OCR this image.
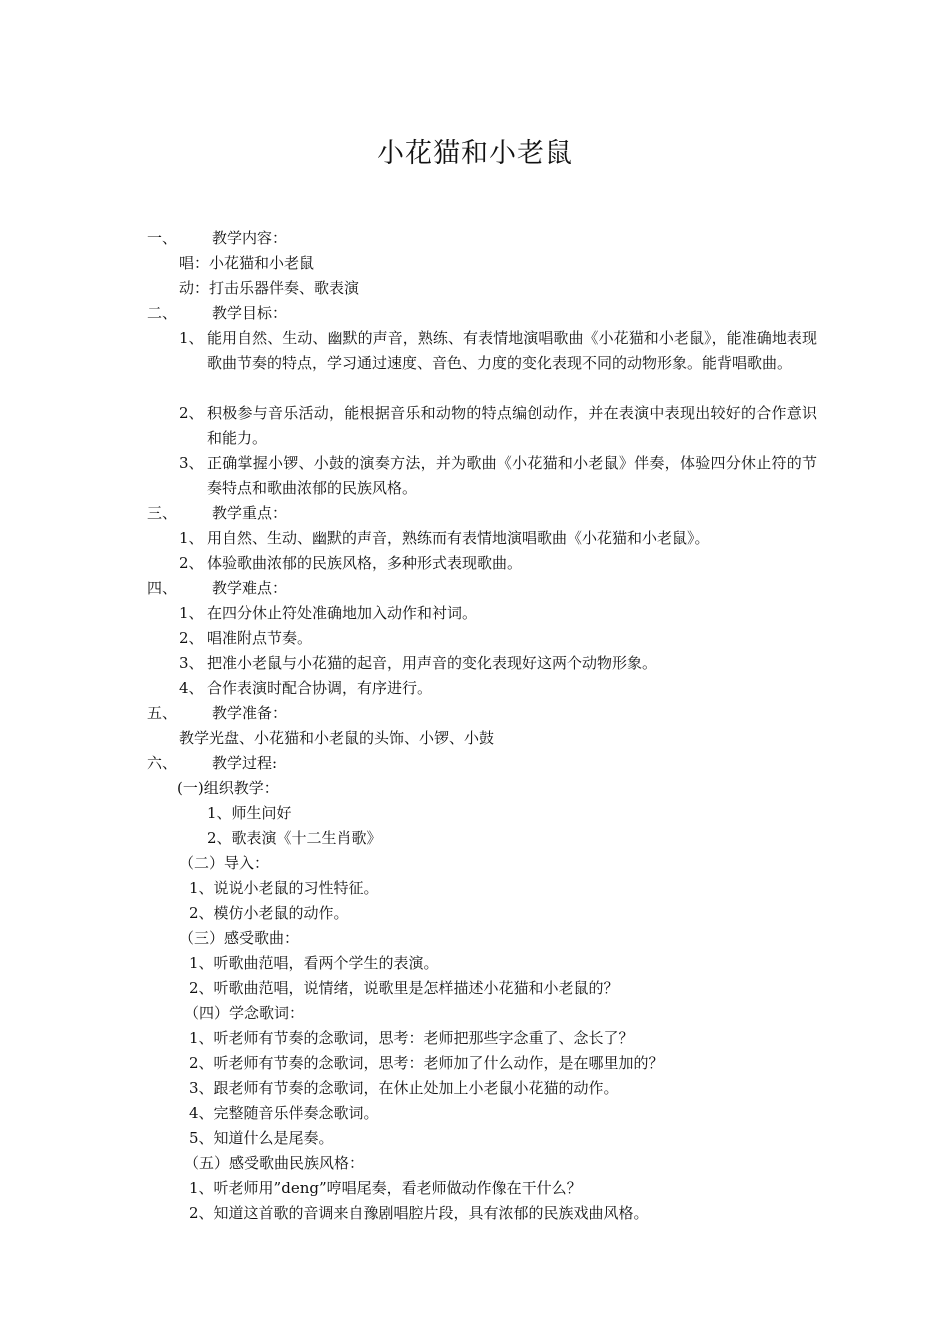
小花猫和小老鼠
一、 教学内容：
唱：小花猫和小老鼠
动：打击乐器伴奏、歌表演
二、 教学目标：
1、 能用自然、生动、幽默的声音，熟练、有表情地演唱歌曲《小花猫和小老鼠》，能准确地表现歌曲节奏的特点，学习通过速度、音色、力度的变化表现不同的动物形象。能背唱歌曲。
2、 积极参与音乐活动，能根据音乐和动物的特点编创动作，并在表演中表现出较好的合作意识和能力。
3、 正确掌握小锣、小鼓的演奏方法，并为歌曲《小花猫和小老鼠》伴奏，体验四分休止符的节奏特点和歌曲浓郁的民族风格。
三、 教学重点：
1、 用自然、生动、幽默的声音，熟练而有表情地演唱歌曲《小花猫和小老鼠》。
2、 体验歌曲浓郁的民族风格，多种形式表现歌曲。
四、 教学难点：
1、 在四分休止符处准确地加入动作和衬词。
2、 唱准附点节奏。
3、 把准小老鼠与小花猫的起音，用声音的变化表现好这两个动物形象。
4、 合作表演时配合协调，有序进行。
五、 教学准备：
教学光盘、小花猫和小老鼠的头饰、小锣、小鼓
六、 教学过程:
(一)组织教学：
1、师生问好
2、歌表演《十二生肖歌》
（二）导入：
1、说说小老鼠的习性特征。
2、模仿小老鼠的动作。
（三）感受歌曲：
1、听歌曲范唱，看两个学生的表演。
2、听歌曲范唱，说情绪，说歌里是怎样描述小花猫和小老鼠的？
（四）学念歌词：
1、听老师有节奏的念歌词，思考：老师把那些字念重了、念长了？
2、听老师有节奏的念歌词，思考：老师加了什么动作，是在哪里加的？
3、跟老师有节奏的念歌词，在休止处加上小老鼠小花猫的动作。
4、完整随音乐伴奏念歌词。
5、知道什么是尾奏。
（五）感受歌曲民族风格：
1、听老师用”deng”哼唱尾奏，看老师做动作像在干什么？
2、知道这首歌的音调来自豫剧唱腔片段，具有浓郁的民族戏曲风格。
